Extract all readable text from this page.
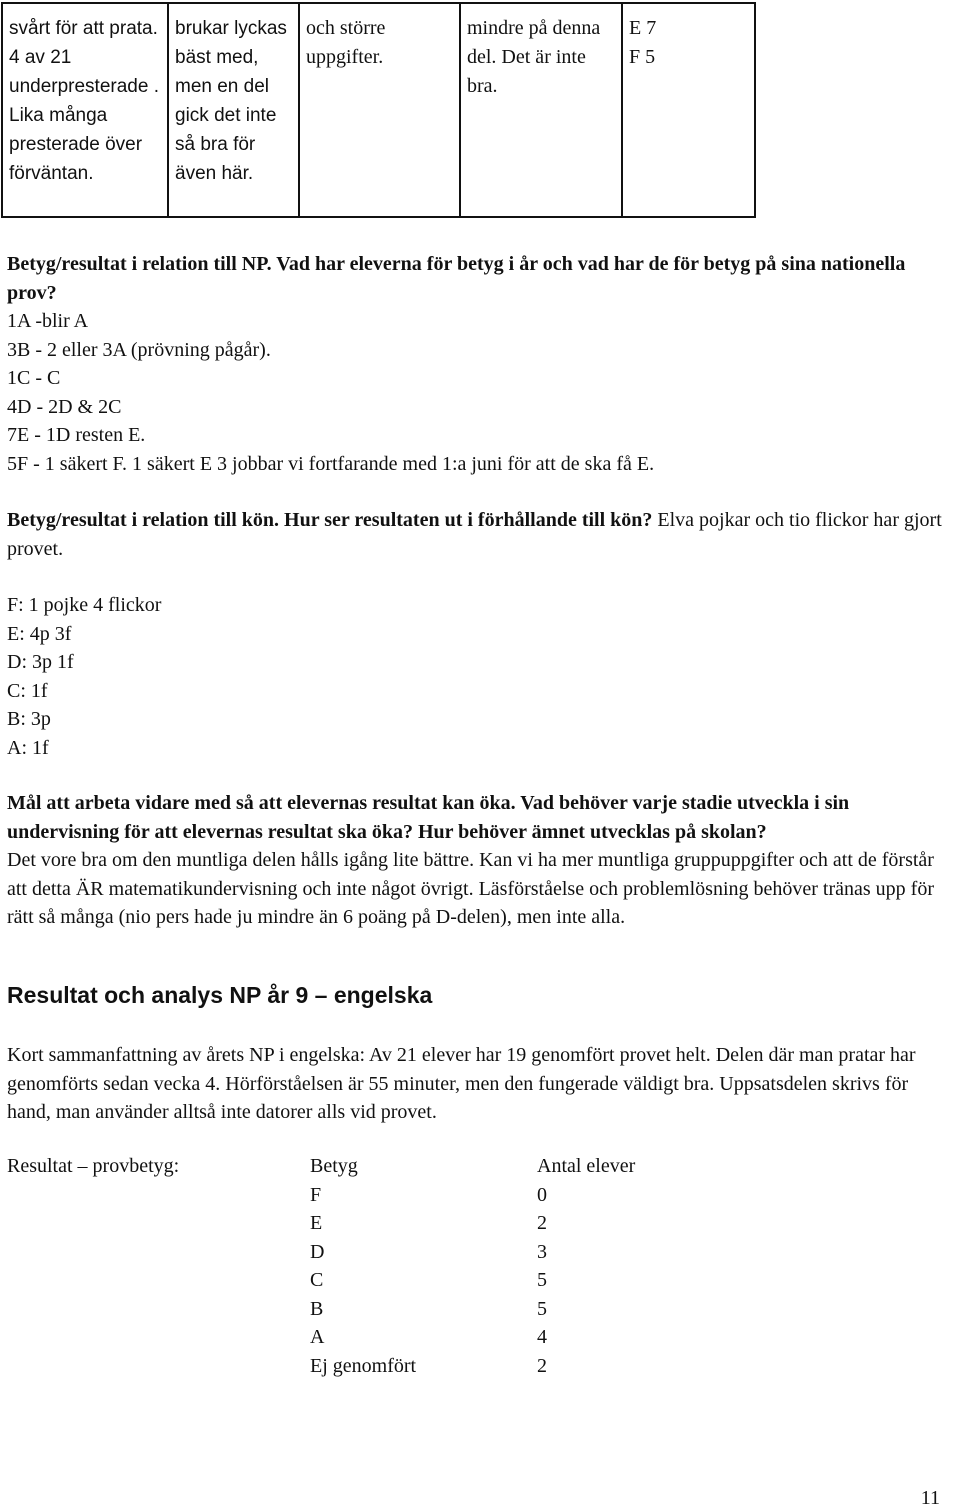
svårt för att prata. 4 av 21 underpresterade . Lika många presterade över förväntan.	brukar lyckas bäst med, men en del gick det inte så bra för även här.	och större uppgifter.	mindre på denna del. Det är inte bra.	E 7
F 5
Betyg/resultat i relation till NP. Vad har eleverna för betyg i år och vad har de för betyg på sina nationella prov?
1A -blir A
3B - 2 eller 3A (prövning pågår).
1C - C
4D - 2D & 2C
7E - 1D resten E.
5F - 1 säkert F. 1 säkert E 3 jobbar vi fortfarande med 1:a juni för att de ska få E.
Betyg/resultat i relation till kön. Hur ser resultaten ut i förhållande till kön? Elva pojkar och tio flickor har gjort provet.
F: 1 pojke 4 flickor
E: 4p 3f
D: 3p 1f
C: 1f
B: 3p
A: 1f
Mål att arbeta vidare med så att elevernas resultat kan öka. Vad behöver varje stadie utveckla i sin undervisning för att elevernas resultat ska öka? Hur behöver ämnet utvecklas på skolan?
Det vore bra om den muntliga delen hålls igång lite bättre. Kan vi ha mer muntliga gruppuppgifter och att de förstår att detta ÄR matematikundervisning och inte något övrigt. Läsförståelse och problemlösning behöver tränas upp för rätt så många (nio pers hade ju mindre än 6 poäng på D-delen), men inte alla.
Resultat och analys NP år 9 – engelska
Kort sammanfattning av årets NP i engelska: Av 21 elever har 19 genomfört provet helt. Delen där man pratar har genomförts sedan vecka 4. Hörförståelsen är 55 minuter, men den fungerade väldigt bra. Uppsatsdelen skrivs för hand, man använder alltså inte datorer alls vid provet.
Resultat – provbetyg:	Betyg	Antal elever
F	0
E	2
D	3
C	5
B	5
A	4
Ej genomfört	2
11
